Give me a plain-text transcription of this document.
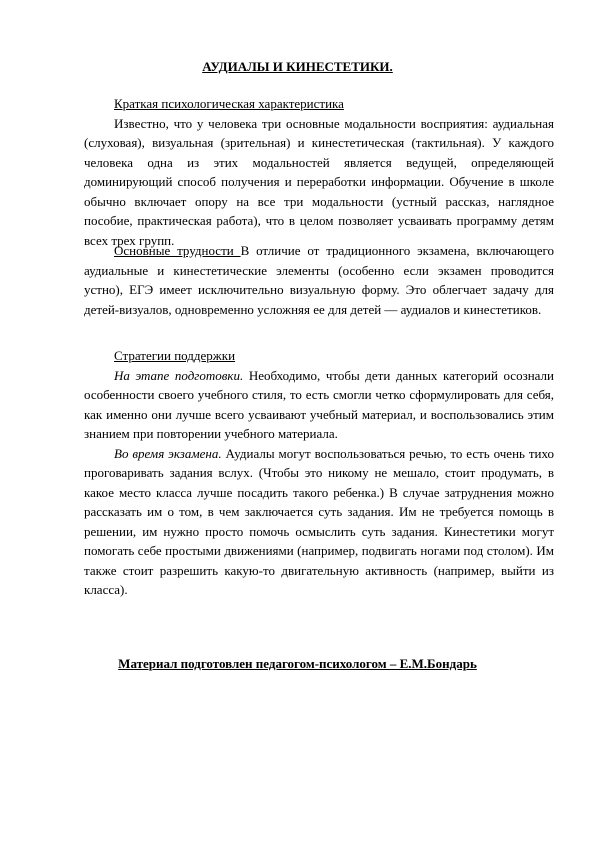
АУДИАЛЫ И КИНЕСТЕТИКИ.
Краткая психологическая характеристика

Известно, что у человека три основные модальности восприятия: аудиальная (слуховая), визуальная (зрительная) и кинестетическая (тактильная). У каждого человека одна из этих модальностей является ведущей, определяющей доминирующий способ получения и переработки информации. Обучение в школе обычно включает опору на все три модальности (устный рассказ, наглядное пособие, практическая работа), что в целом позволяет усваивать программу детям всех трех групп.

Основные трудности В отличие от традиционного экзамена, включающего аудиальные и кинестетические элементы (особенно если экзамен проводится устно), ЕГЭ имеет исключительно визуальную форму. Это облегчает задачу для детей-визуалов, одновременно усложняя ее для детей — аудиалов и кинестетиков.

Стратегии поддержки

На этапе подготовки. Необходимо, чтобы дети данных категорий осознали особенности своего учебного стиля, то есть смогли четко сформулировать для себя, как именно они лучше всего усваивают учебный материал, и воспользовались этим знанием при повторении учебного материала.

Во время экзамена. Аудиалы могут воспользоваться речью, то есть очень тихо проговаривать задания вслух. (Чтобы это никому не мешало, стоит продумать, в какое место класса лучше посадить такого ребенка.) В случае затруднения можно рассказать им о том, в чем заключается суть задания. Им не требуется помощь в решении, им нужно просто помочь осмыслить суть задания. Кинестетики могут помогать себе простыми движениями (например, подвигать ногами под столом). Им также стоит разрешить какую-то двигательную активность (например, выйти из класса).

Материал подготовлен педагогом-психологом – Е.М.Бондарь
